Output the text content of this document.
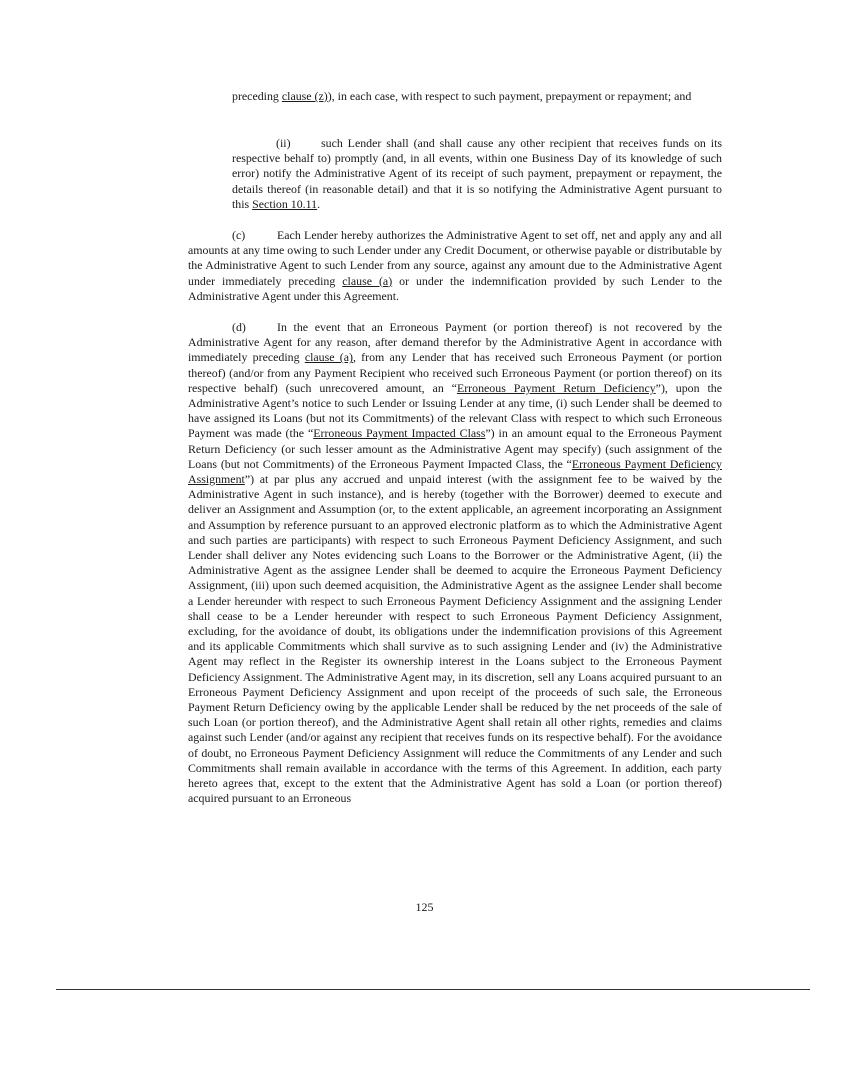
preceding clause (z)), in each case, with respect to such payment, prepayment or repayment; and

(ii)	such Lender shall (and shall cause any other recipient that receives funds on its respective behalf to) promptly (and, in all events, within one Business Day of its knowledge of such error) notify the Administrative Agent of its receipt of such payment, prepayment or repayment, the details thereof (in reasonable detail) and that it is so notifying the Administrative Agent pursuant to this Section 10.11.

(c)	Each Lender hereby authorizes the Administrative Agent to set off, net and apply any and all amounts at any time owing to such Lender under any Credit Document, or otherwise payable or distributable by the Administrative Agent to such Lender from any source, against any amount due to the Administrative Agent under immediately preceding clause (a) or under the indemnification provided by such Lender to the Administrative Agent under this Agreement.

(d)	In the event that an Erroneous Payment (or portion thereof) is not recovered by the Administrative Agent for any reason, after demand therefor by the Administrative Agent in accordance with immediately preceding clause (a), from any Lender that has received such Erroneous Payment (or portion thereof) (and/or from any Payment Recipient who received such Erroneous Payment (or portion thereof) on its respective behalf) (such unrecovered amount, an “Erroneous Payment Return Deficiency”), upon the Administrative Agent’s notice to such Lender or Issuing Lender at any time, (i) such Lender shall be deemed to have assigned its Loans (but not its Commitments) of the relevant Class with respect to which such Erroneous Payment was made (the “Erroneous Payment Impacted Class”) in an amount equal to the Erroneous Payment Return Deficiency (or such lesser amount as the Administrative Agent may specify) (such assignment of the Loans (but not Commitments) of the Erroneous Payment Impacted Class, the “Erroneous Payment Deficiency Assignment”) at par plus any accrued and unpaid interest (with the assignment fee to be waived by the Administrative Agent in such instance), and is hereby (together with the Borrower) deemed to execute and deliver an Assignment and Assumption (or, to the extent applicable, an agreement incorporating an Assignment and Assumption by reference pursuant to an approved electronic platform as to which the Administrative Agent and such parties are participants) with respect to such Erroneous Payment Deficiency Assignment, and such Lender shall deliver any Notes evidencing such Loans to the Borrower or the Administrative Agent, (ii) the Administrative Agent as the assignee Lender shall be deemed to acquire the Erroneous Payment Deficiency Assignment, (iii) upon such deemed acquisition, the Administrative Agent as the assignee Lender shall become a Lender hereunder with respect to such Erroneous Payment Deficiency Assignment and the assigning Lender shall cease to be a Lender hereunder with respect to such Erroneous Payment Deficiency Assignment, excluding, for the avoidance of doubt, its obligations under the indemnification provisions of this Agreement and its applicable Commitments which shall survive as to such assigning Lender and (iv) the Administrative Agent may reflect in the Register its ownership interest in the Loans subject to the Erroneous Payment Deficiency Assignment. The Administrative Agent may, in its discretion, sell any Loans acquired pursuant to an Erroneous Payment Deficiency Assignment and upon receipt of the proceeds of such sale, the Erroneous Payment Return Deficiency owing by the applicable Lender shall be reduced by the net proceeds of the sale of such Loan (or portion thereof), and the Administrative Agent shall retain all other rights, remedies and claims against such Lender (and/or against any recipient that receives funds on its respective behalf). For the avoidance of doubt, no Erroneous Payment Deficiency Assignment will reduce the Commitments of any Lender and such Commitments shall remain available in accordance with the terms of this Agreement. In addition, each party hereto agrees that, except to the extent that the Administrative Agent has sold a Loan (or portion thereof) acquired pursuant to an Erroneous

125
